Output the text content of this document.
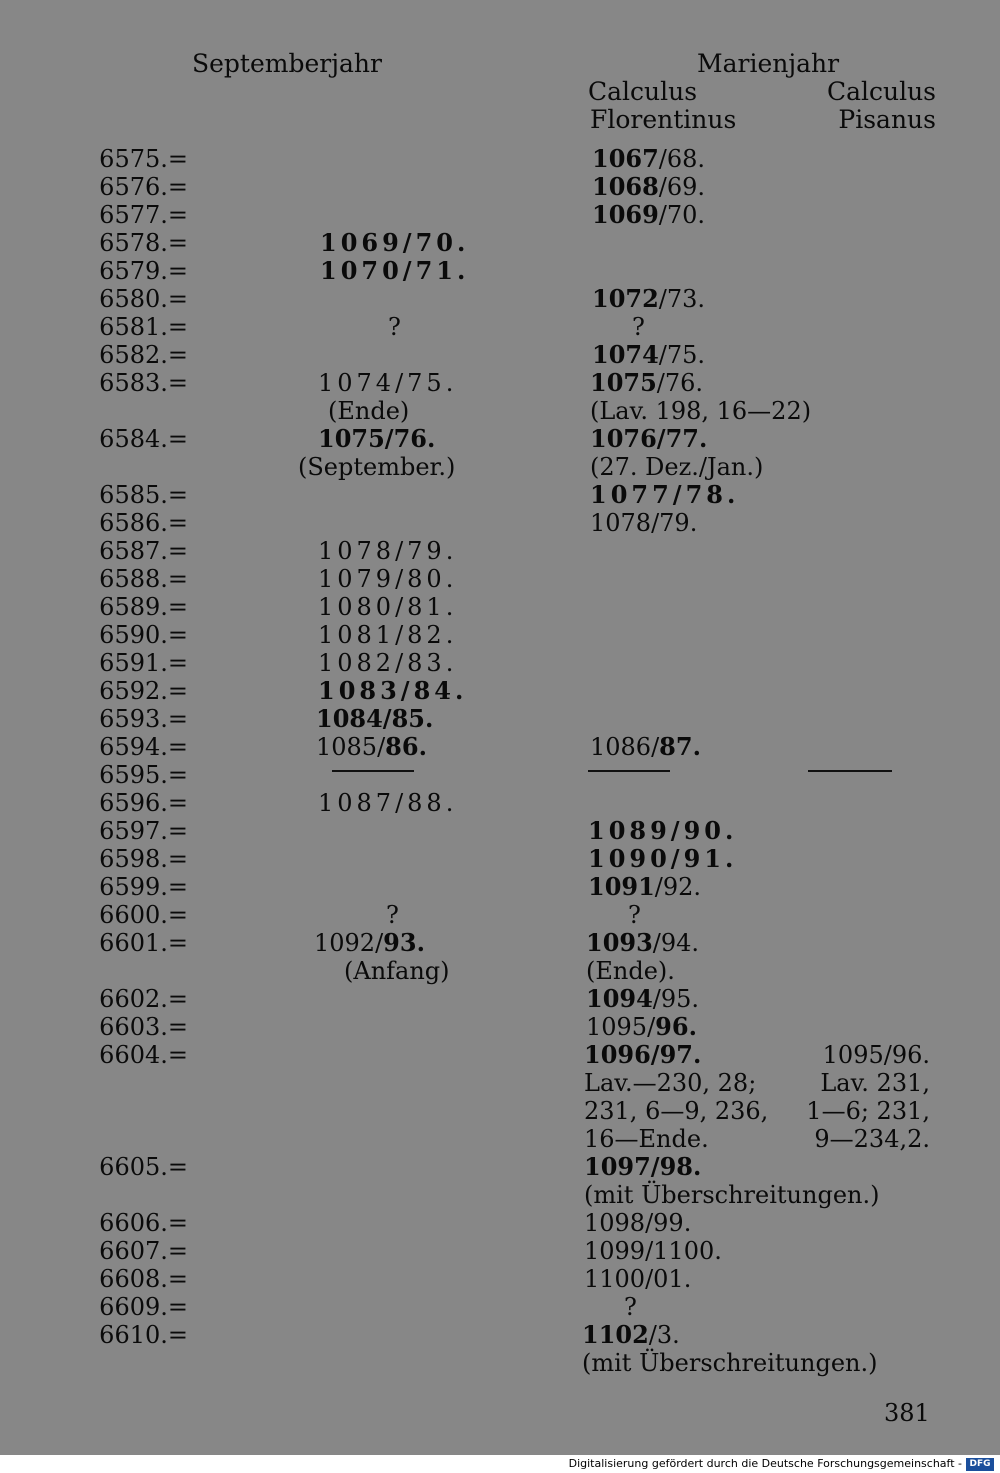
Septemberjahr	Marienjahr
Calculus
Florentinus
Calculus
Pisanus
6575.=
6576.=
6577.=
6578.=
6579.=
6580.=
6581.=
6582.=
6583.=
6584.=
6585.=
6586.=
6587.=
6588.=
6589.=
6590.=
6591.=
6592.=
6593.=
6594.=
6595.=
6596.=
6597.=
6598.=
6599.=
6600.=
6601.=
6602.=
6603.=
6604.=
6605.=
6606.=
6607.=
6608.=
6609.=
6610.=
1069/70.
1070/71.
?
1074/75.
(Ende)
1075/76.
(September.)
1078/79.
1079/80.
1080/81.
1081/82.
1082/83.
1083/84.
1084/85.
1085/86.
1087/88.
?
1092/93.
(Anfang)
1067/68.
1068/69.
1069/70.
1072/73.
?
1074/75.
1075/76.
(Lav. 198, 16—22)
1076/77.
(27. Dez./Jan.)
1077/78.
1078/79.
1086/87.
1089/90.
1090/91.
1091/92.
?
1093/94.
(Ende).
1094/95.
1095/96.
1096/97.
Lav.—230, 28;
231, 6—9, 236,
16—Ende.
1097/98.
(mit Überschreitungen.)
1098/99.
1099/1100.
1100/01.
?
1102/3.
(mit Überschreitungen.)
1095/96.
Lav. 231,
1—6; 231,
9—234,2.
381
Digitalisierung gefördert durch die Deutsche Forschungsgemeinschaft - DFG
